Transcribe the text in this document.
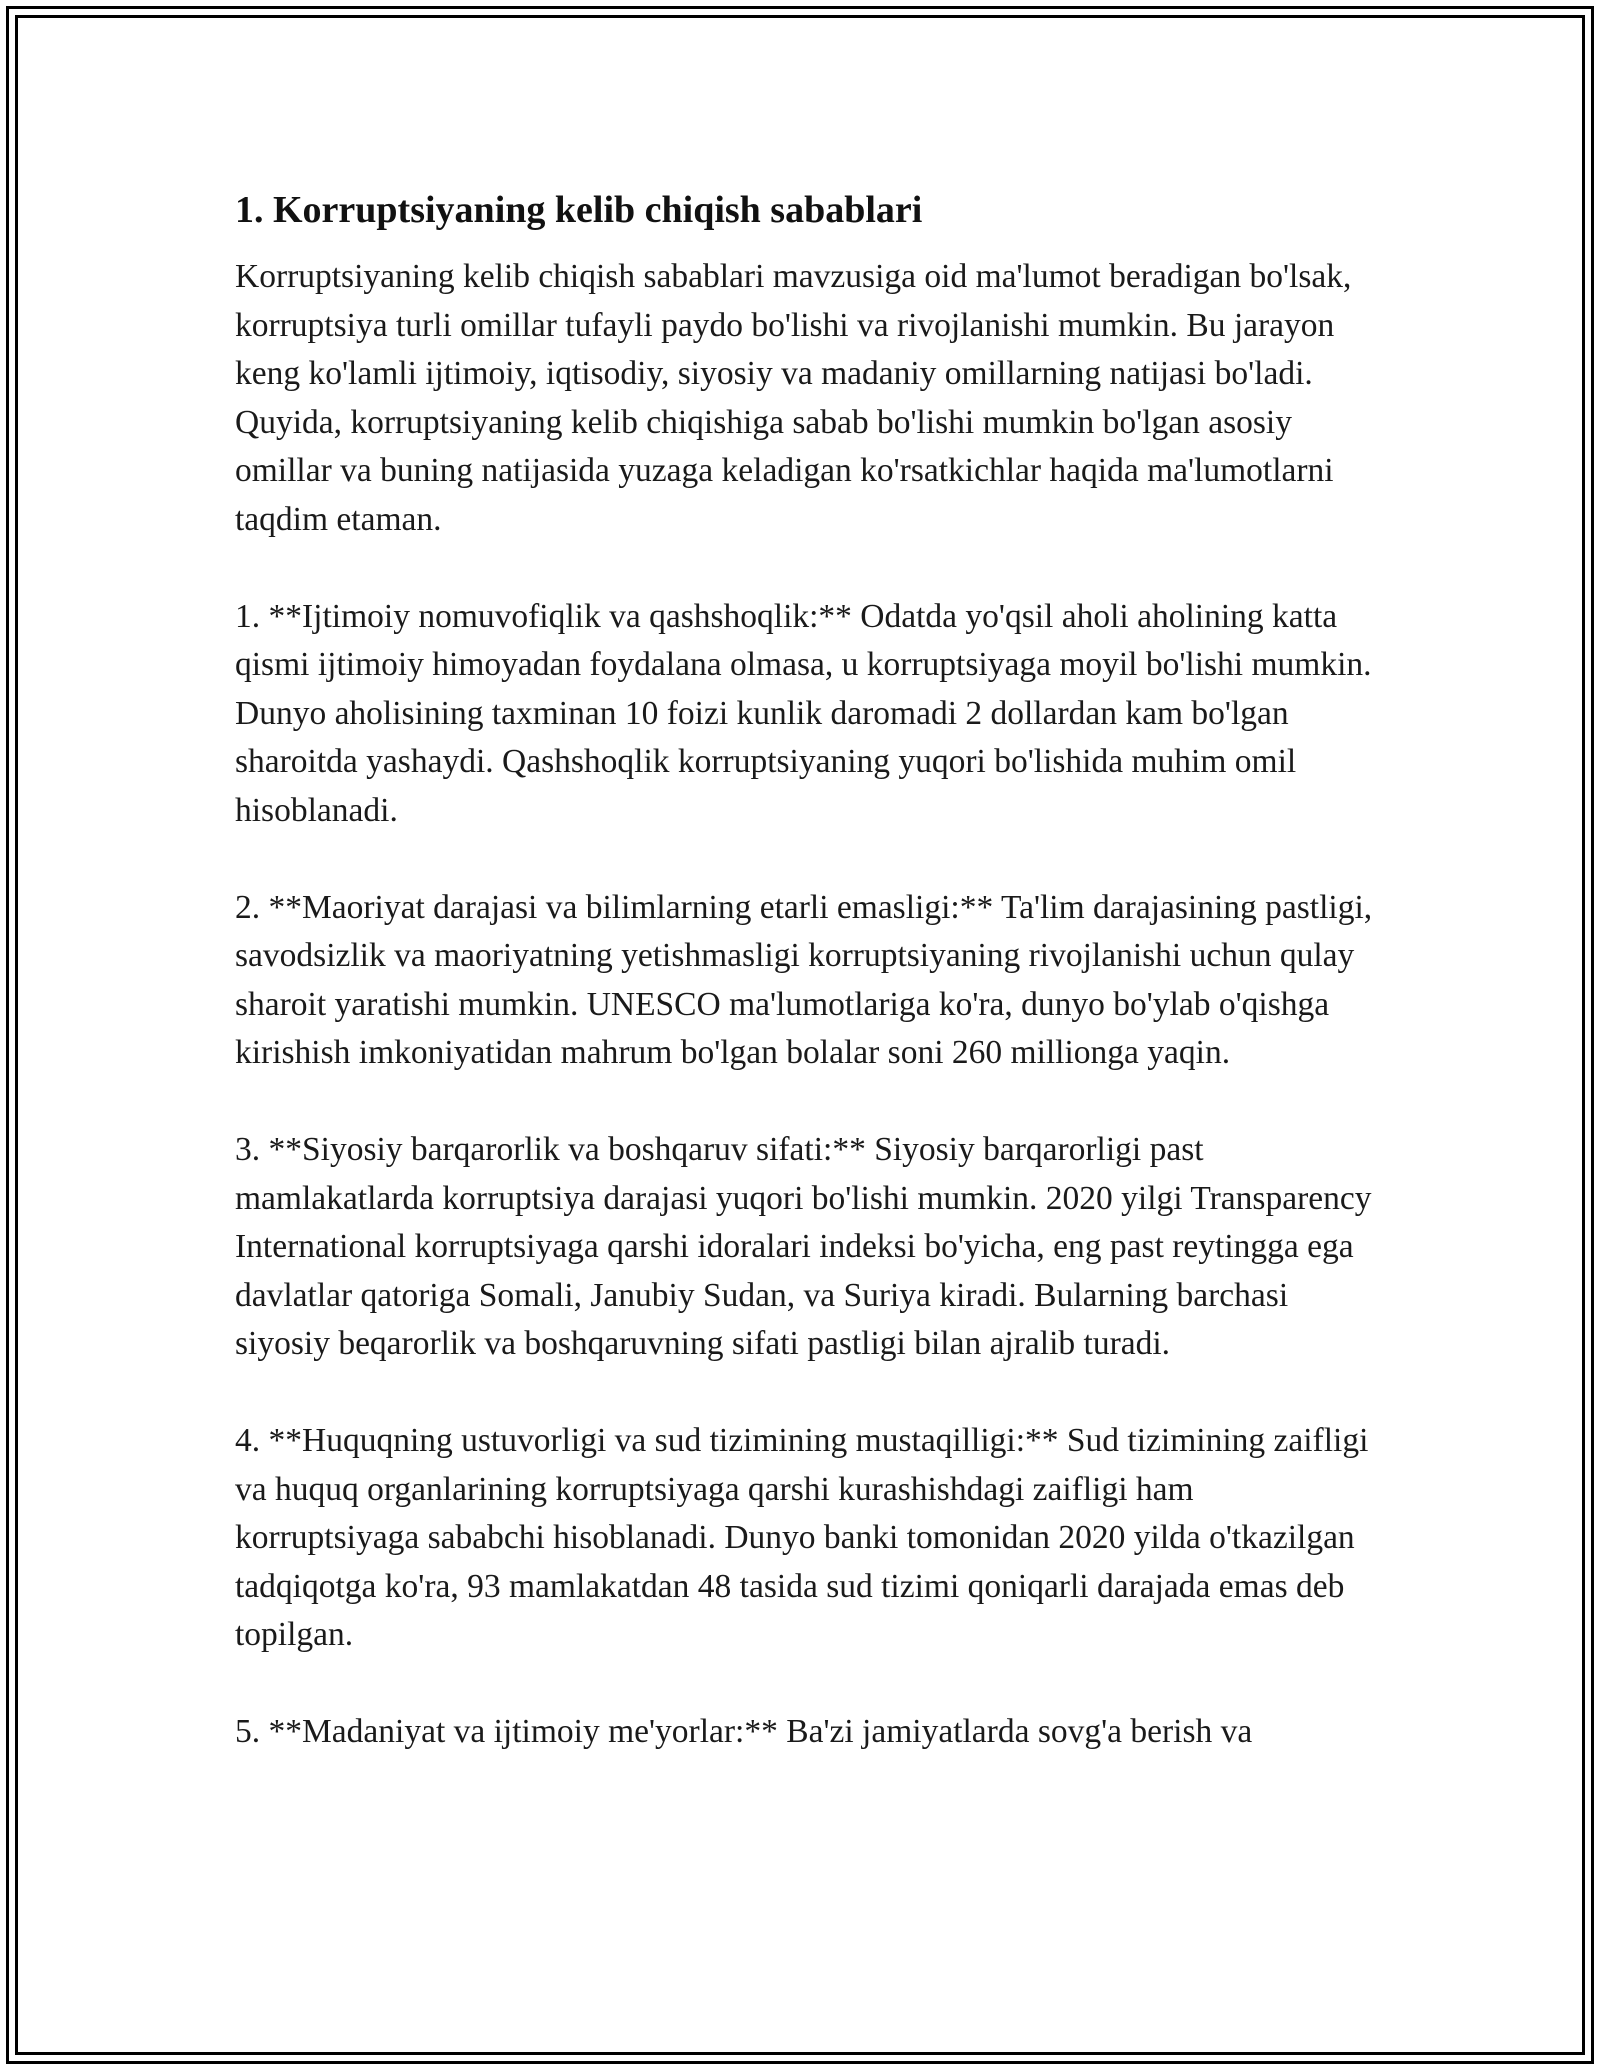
1. Korruptsiyaning kelib chiqish sabablari

Korruptsiyaning kelib chiqish sabablari mavzusiga oid ma'lumot beradigan bo'lsak, korruptsiya turli omillar tufayli paydo bo'lishi va rivojlanishi mumkin. Bu jarayon keng ko'lamli ijtimoiy, iqtisodiy, siyosiy va madaniy omillarning natijasi bo'ladi. Quyida, korruptsiyaning kelib chiqishiga sabab bo'lishi mumkin bo'lgan asosiy omillar va buning natijasida yuzaga keladigan ko'rsatkichlar haqida ma'lumotlarni taqdim etaman.

1. **Ijtimoiy nomuvofiqlik va qashshoqlik:** Odatda yo'qsil aholi aholining katta qismi ijtimoiy himoyadan foydalana olmasa, u korruptsiyaga moyil bo'lishi mumkin. Dunyo aholisining taxminan 10 foizi kunlik daromadi 2 dollardan kam bo'lgan sharoitda yashaydi. Qashshoqlik korruptsiyaning yuqori bo'lishida muhim omil hisoblanadi.

2. **Maoriyat darajasi va bilimlarning etarli emasligi:** Ta'lim darajasining pastligi, savodsizlik va maoriyatning yetishmasligi korruptsiyaning rivojlanishi uchun qulay sharoit yaratishi mumkin. UNESCO ma'lumotlariga ko'ra, dunyo bo'ylab o'qishga kirishish imkoniyatidan mahrum bo'lgan bolalar soni 260 millionga yaqin.

3. **Siyosiy barqarorlik va boshqaruv sifati:** Siyosiy barqarorligi past mamlakatlarda korruptsiya darajasi yuqori bo'lishi mumkin. 2020 yilgi Transparency International korruptsiyaga qarshi idoralari indeksi bo'yicha, eng past reytingga ega davlatlar qatoriga Somali, Janubiy Sudan, va Suriya kiradi. Bularning barchasi siyosiy beqarorlik va boshqaruvning sifati pastligi bilan ajralib turadi.

4. **Huquqning ustuvorligi va sud tizimining mustaqilligi:** Sud tizimining zaifligi va huquq organlarining korruptsiyaga qarshi kurashishdagi zaifligi ham korruptsiyaga sababchi hisoblanadi. Dunyo banki tomonidan 2020 yilda o'tkazilgan tadqiqotga ko'ra, 93 mamlakatdan 48 tasida sud tizimi qoniqarli darajada emas deb topilgan.

5. **Madaniyat va ijtimoiy me'yorlar:** Ba'zi jamiyatlarda sovg'a berish va
